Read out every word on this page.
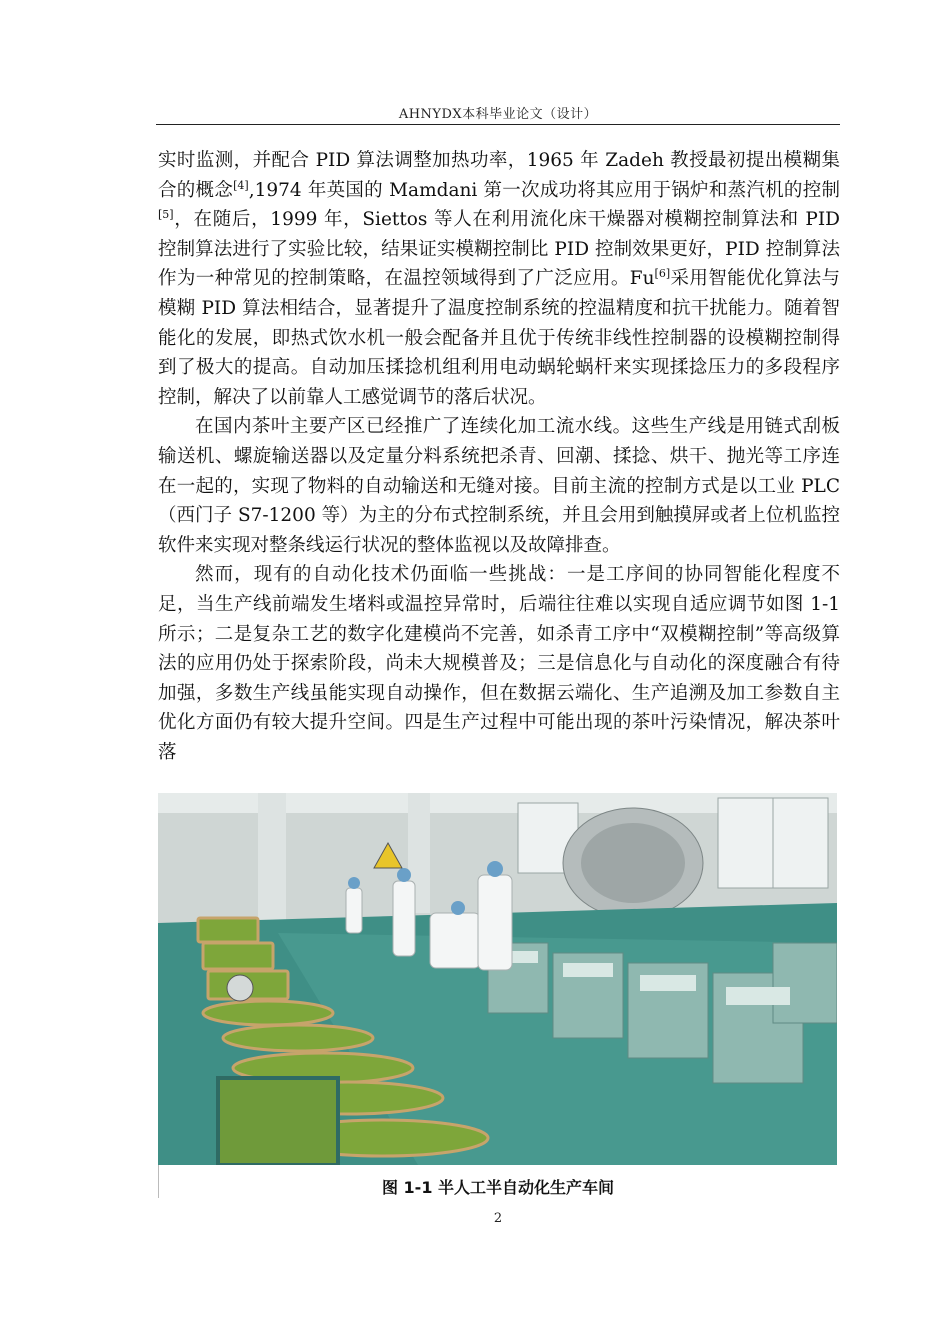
AHNYDX本科毕业论文（设计）

实时监测，并配合 PID 算法调整加热功率，1965 年 Zadeh 教授最初提出模糊集合的概念[4],1974 年英国的 Mamdani 第一次成功将其应用于锅炉和蒸汽机的控制[5]，在随后，1999 年，Siettos 等人在利用流化床干燥器对模糊控制算法和 PID 控制算法进行了实验比较，结果证实模糊控制比 PID 控制效果更好，PID 控制算法作为一种常见的控制策略，在温控领域得到了广泛应用。Fu[6]采用智能优化算法与模糊 PID 算法相结合，显著提升了温度控制系统的控温精度和抗干扰能力。随着智能化的发展，即热式饮水机一般会配备并且优于传统非线性控制器的设模糊控制得到了极大的提高。自动加压揉捻机组利用电动蜗轮蜗杆来实现揉捻压力的多段程序控制，解决了以前靠人工感觉调节的落后状况。

在国内茶叶主要产区已经推广了连续化加工流水线。这些生产线是用链式刮板输送机、螺旋输送器以及定量分料系统把杀青、回潮、揉捻、烘干、抛光等工序连在一起的，实现了物料的自动输送和无缝对接。目前主流的控制方式是以工业 PLC（西门子 S7-1200 等）为主的分布式控制系统，并且会用到触摸屏或者上位机监控软件来实现对整条线运行状况的整体监视以及故障排查。

然而，现有的自动化技术仍面临一些挑战：一是工序间的协同智能化程度不足，当生产线前端发生堵料或温控异常时，后端往往难以实现自适应调节如图 1-1 所示；二是复杂工艺的数字化建模尚不完善，如杀青工序中“双模糊控制”等高级算法的应用仍处于探索阶段，尚未大规模普及；三是信息化与自动化的深度融合有待加强，多数生产线虽能实现自动操作，但在数据云端化、生产追溯及加工参数自主优化方面仍有较大提升空间。四是生产过程中可能出现的茶叶污染情况，解决茶叶落

图 1-1 半人工半自动化生产车间
2
